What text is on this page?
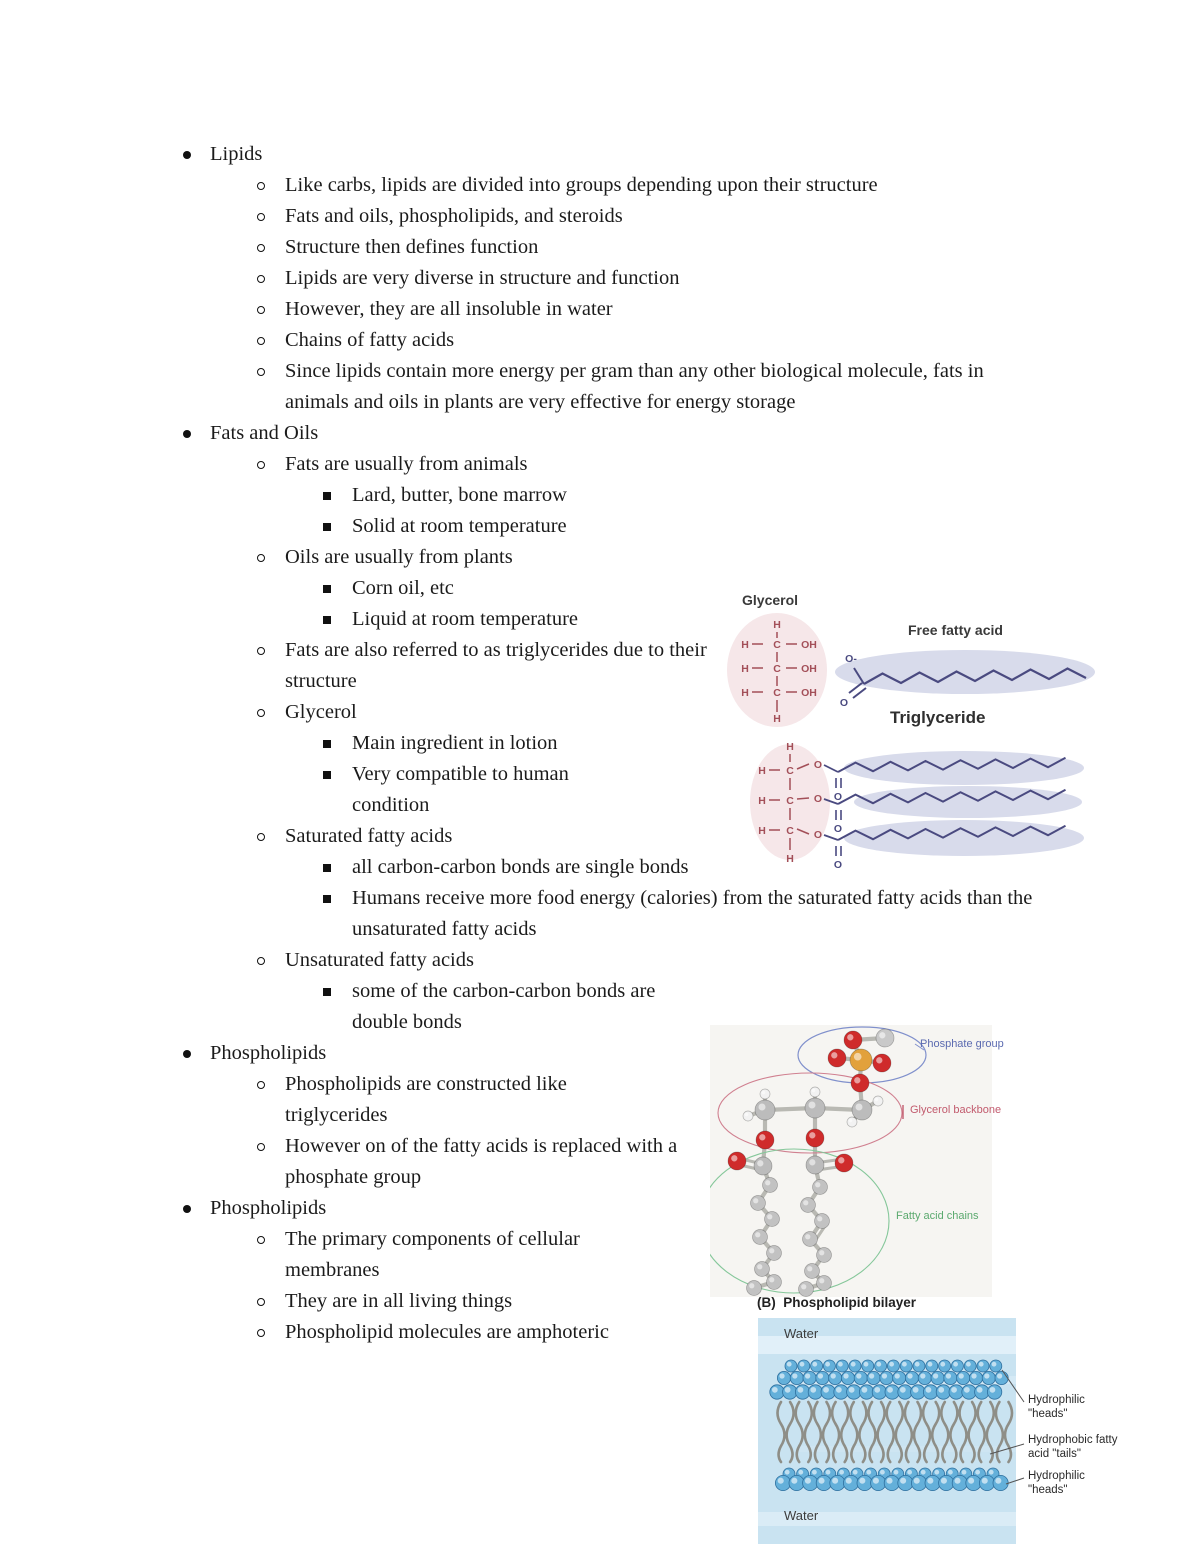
Lipids
Like carbs, lipids are divided into groups depending upon their structure
Fats and oils, phospholipids, and steroids
Structure then defines function
Lipids are very diverse in structure and function
However, they are all insoluble in water
Chains of fatty acids
Since lipids contain more energy per gram than any other biological molecule, fats in animals and oils in plants are very effective for energy storage
Fats and Oils
Fats are usually from animals
Lard, butter, bone marrow
Solid at room temperature
Oils are usually from plants
Corn oil, etc
Liquid at room temperature
Fats are also referred to as triglycerides due to their structure
Glycerol
Main ingredient in lotion
Very compatible to human condition
Saturated fatty acids
all carbon-carbon bonds are single bonds
Humans receive more food energy (calories) from the saturated fatty acids than the unsaturated fatty acids
Unsaturated fatty acids
some of the carbon-carbon bonds are double bonds
Phospholipids
Phospholipids are constructed like triglycerides
However on of the fatty acids is replaced with a phosphate group
Phospholipids
The primary components of cellular membranes
They are in all living things
Phospholipid molecules are amphoteric
H
H
H C OH
H C OH
H C OH
O-
O
H
H
H C O
O
H C O
O
H C O
O
Glycerol
Free fatty acid
Triglyceride
Phosphate group
Glycerol backbone
Fatty acid chains
(B)  Phospholipid bilayer
Water
Water
Hydrophilic "heads"
Hydrophobic fatty acid "tails"
Hydrophilic "heads"
